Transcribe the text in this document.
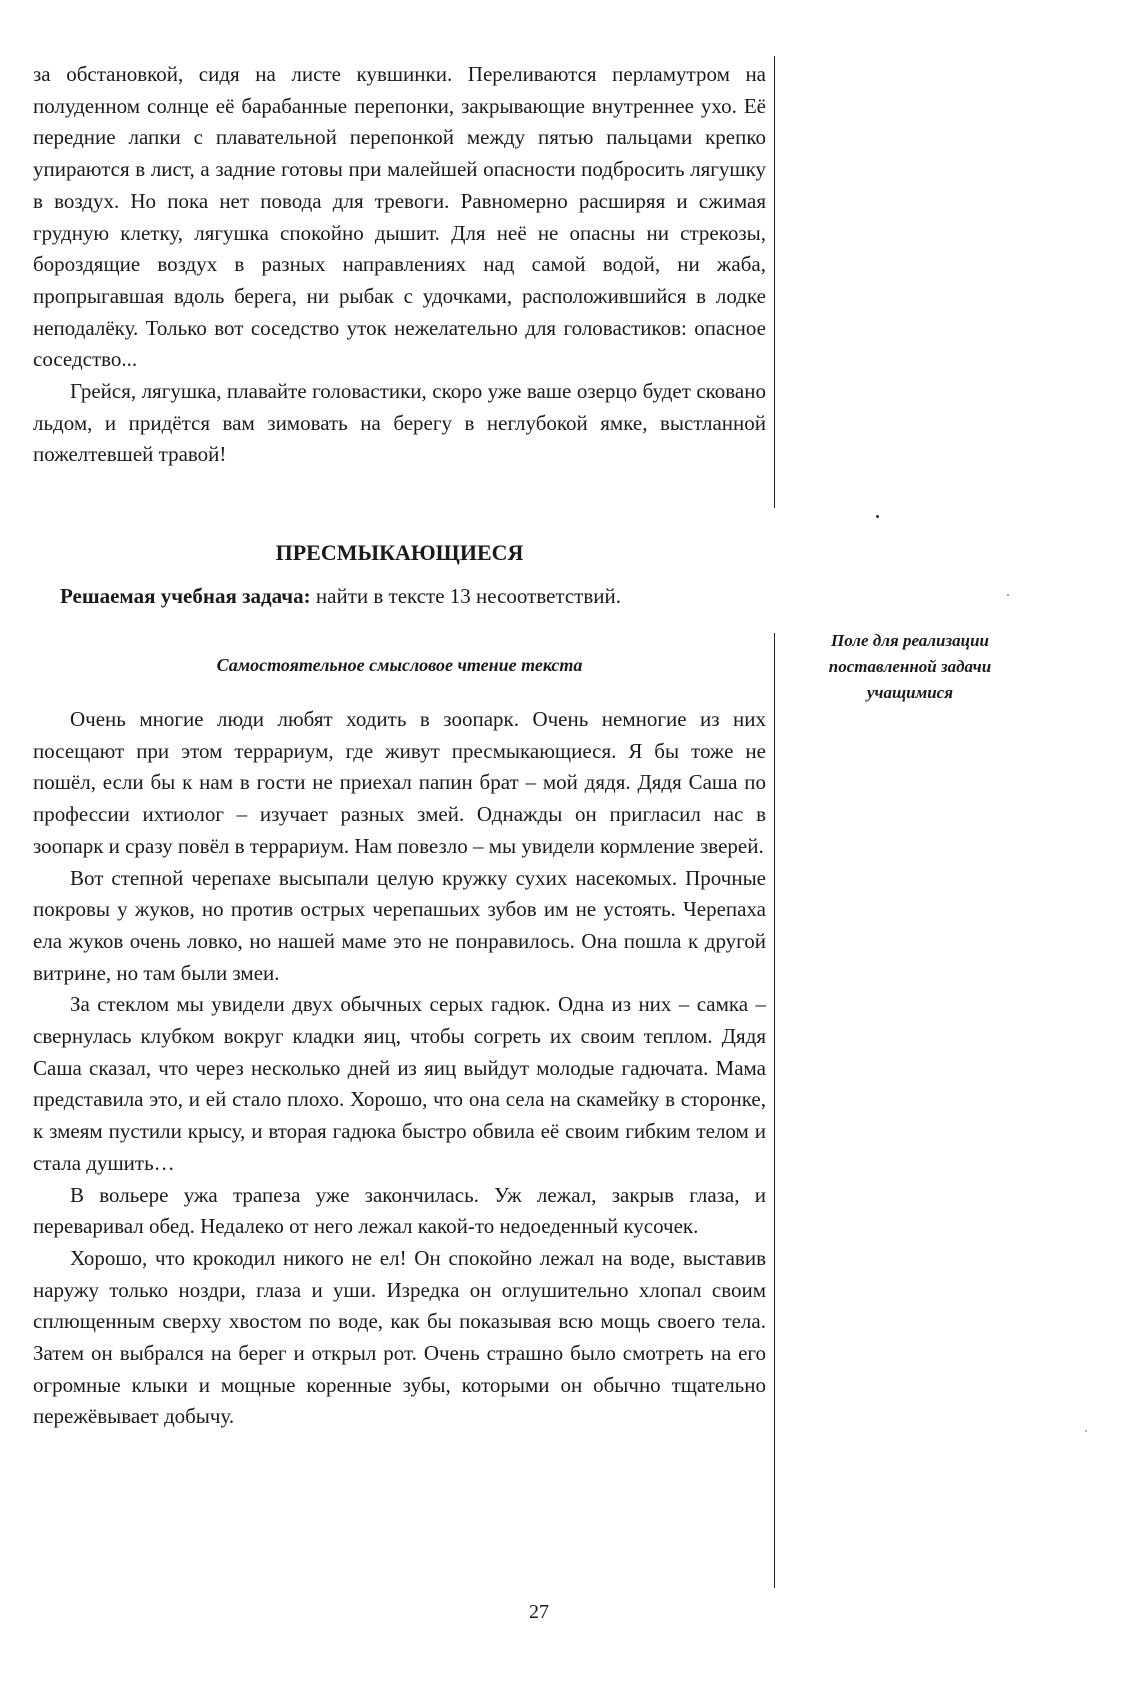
за обстановкой, сидя на листе кувшинки. Переливаются перламутром на полуденном солнце её барабанные перепонки, закрывающие внутреннее ухо. Её передние лапки с плавательной перепонкой между пятью пальцами крепко упираются в лист, а задние готовы при малейшей опасности подбросить лягушку в воздух. Но пока нет повода для тревоги. Равномерно расширяя и сжимая грудную клетку, лягушка спокойно дышит. Для неё не опасны ни стрекозы, бороздящие воздух в разных направлениях над самой водой, ни жаба, пропрыгавшая вдоль берега, ни рыбак с удочками, расположившийся в лодке неподалёку. Только вот соседство уток нежелательно для головастиков: опасное соседство...

Грейся, лягушка, плавайте головастики, скоро уже ваше озерцо будет сковано льдом, и придётся вам зимовать на берегу в неглубокой ямке, выстланной пожелтевшей травой!

ПРЕСМЫКАЮЩИЕСЯ
Решаемая учебная задача: найти в тексте 13 несоответствий.
Самостоятельное смысловое чтение текста
Поле для реализации поставленной задачи учащимися

Очень многие люди любят ходить в зоопарк. Очень немногие из них посещают при этом террариум, где живут пресмыкающиеся. Я бы тоже не пошёл, если бы к нам в гости не приехал папин брат – мой дядя. Дядя Саша по профессии ихтиолог – изучает разных змей. Однажды он пригласил нас в зоопарк и сразу повёл в террариум. Нам повезло – мы увидели кормление зверей.

Вот степной черепахе высыпали целую кружку сухих насекомых. Прочные покровы у жуков, но против острых черепашьих зубов им не устоять. Черепаха ела жуков очень ловко, но нашей маме это не понравилось. Она пошла к другой витрине, но там были змеи.

За стеклом мы увидели двух обычных серых гадюк. Одна из них – самка – свернулась клубком вокруг кладки яиц, чтобы согреть их своим теплом. Дядя Саша сказал, что через несколько дней из яиц выйдут молодые гадючата. Мама представила это, и ей стало плохо. Хорошо, что она села на скамейку в сторонке, к змеям пустили крысу, и вторая гадюка быстро обвила её своим гибким телом и стала душить…

В вольере ужа трапеза уже закончилась. Уж лежал, закрыв глаза, и переваривал обед. Недалеко от него лежал какой-то недоеденный кусочек.

Хорошо, что крокодил никого не ел! Он спокойно лежал на воде, выставив наружу только ноздри, глаза и уши. Изредка он оглушительно хлопал своим сплющенным сверху хвостом по воде, как бы показывая всю мощь своего тела. Затем он выбрался на берег и открыл рот. Очень страшно было смотреть на его огромные клыки и мощные коренные зубы, которыми он обычно тщательно пережёвывает добычу.

27
